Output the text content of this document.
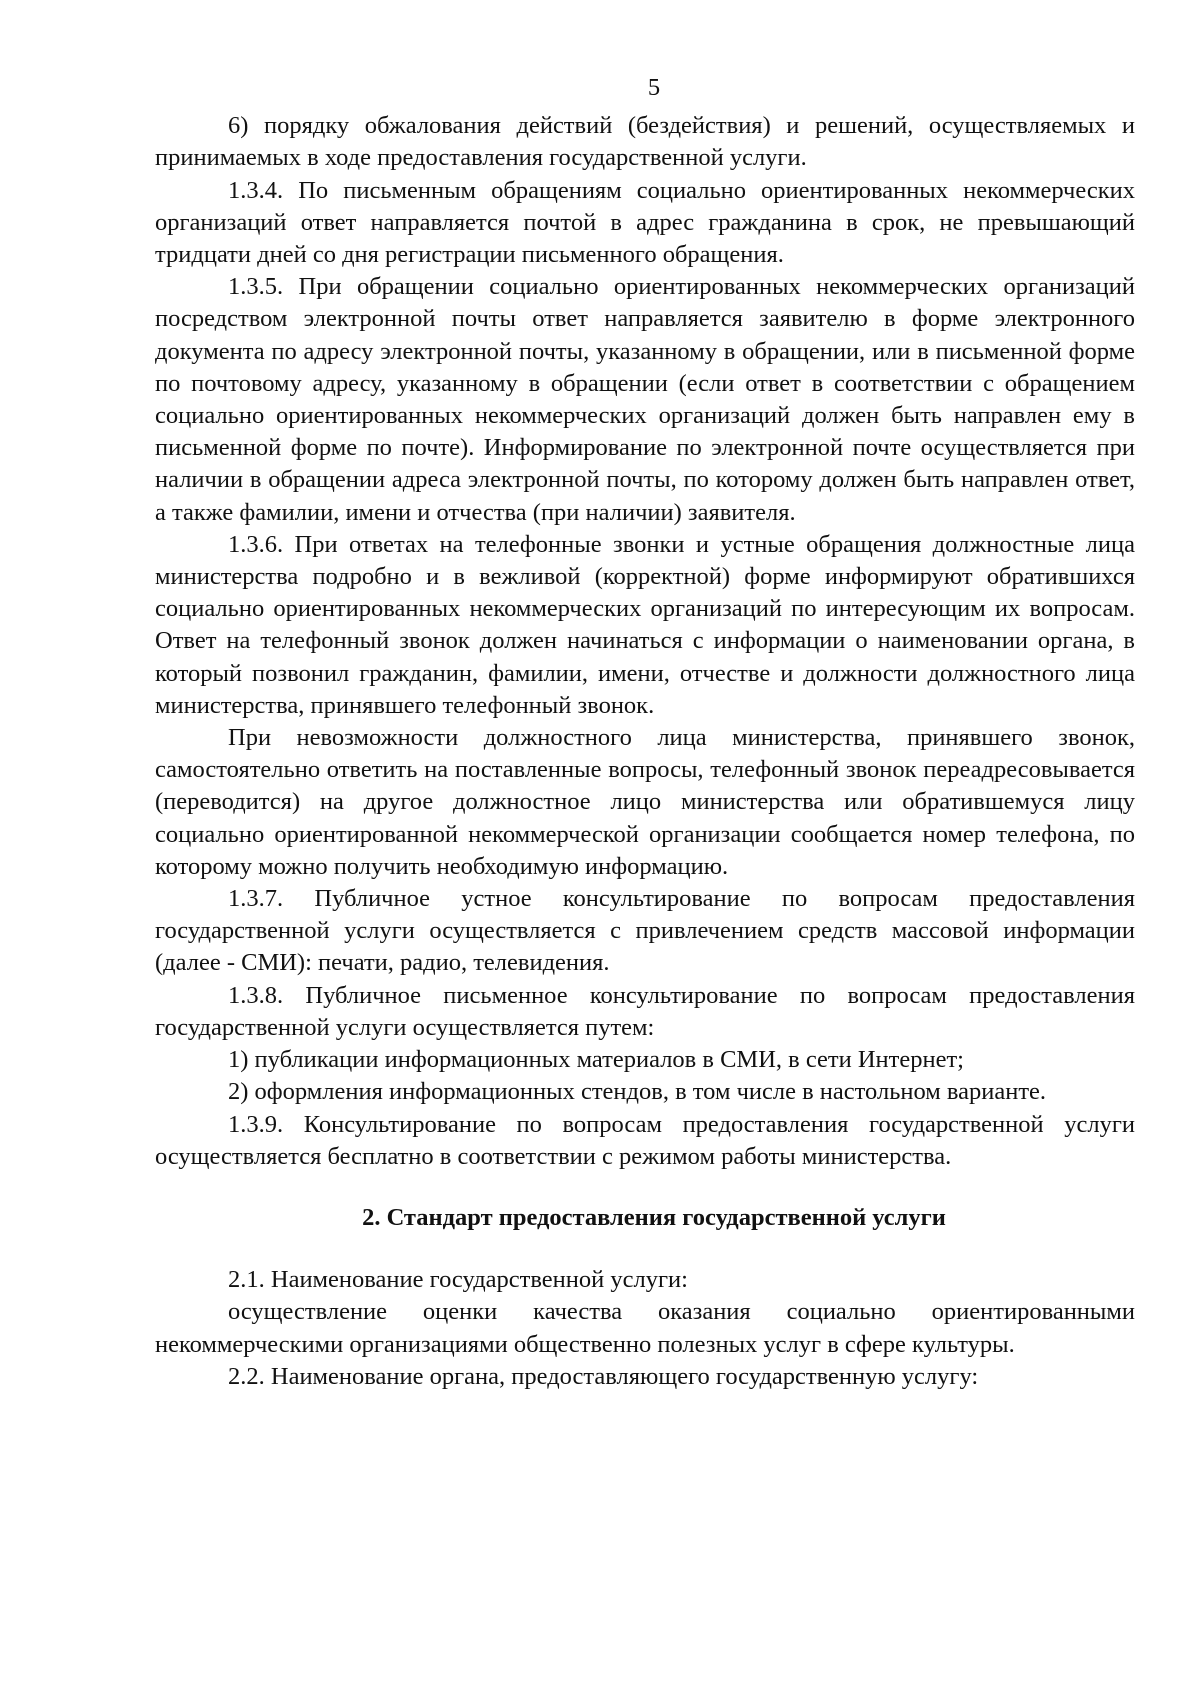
5

6) порядку обжалования действий (бездействия) и решений, осуществляемых и принимаемых в ходе предоставления государственной услуги.

1.3.4. По письменным обращениям социально ориентированных некоммерческих организаций ответ направляется почтой в адрес гражданина в срок, не превышающий тридцати дней со дня регистрации письменного обращения.

1.3.5. При обращении социально ориентированных некоммерческих организаций посредством электронной почты ответ направляется заявителю в форме электронного документа по адресу электронной почты, указанному в обращении, или в письменной форме по почтовому адресу, указанному в обращении (если ответ в соответствии с обращением социально ориентированных некоммерческих организаций должен быть направлен ему в письменной форме по почте). Информирование по электронной почте осуществляется при наличии в обращении адреса электронной почты, по которому должен быть направлен ответ, а также фамилии, имени и отчества (при наличии) заявителя.

1.3.6. При ответах на телефонные звонки и устные обращения должностные лица министерства подробно и в вежливой (корректной) форме информируют обратившихся социально ориентированных некоммерческих организаций по интересующим их вопросам. Ответ на телефонный звонок должен начинаться с информации о наименовании органа, в который позвонил гражданин, фамилии, имени, отчестве и должности должностного лица министерства, принявшего телефонный звонок.

При невозможности должностного лица министерства, принявшего звонок, самостоятельно ответить на поставленные вопросы, телефонный звонок переадресовывается (переводится) на другое должностное лицо министерства или обратившемуся лицу социально ориентированной некоммерческой организации сообщается номер телефона, по которому можно получить необходимую информацию.

1.3.7. Публичное устное консультирование по вопросам предоставления государственной услуги осуществляется с привлечением средств массовой информации (далее - СМИ): печати, радио, телевидения.

1.3.8. Публичное письменное консультирование по вопросам предоставления государственной услуги осуществляется путем:

1) публикации информационных материалов в СМИ, в сети Интернет;

2) оформления информационных стендов, в том числе в настольном варианте.

1.3.9. Консультирование по вопросам предоставления государственной услуги осуществляется бесплатно в соответствии с режимом работы министерства.

2. Стандарт предоставления государственной услуги

2.1. Наименование государственной услуги:

осуществление оценки качества оказания социально ориентированными некоммерческими организациями общественно полезных услуг в сфере культуры.

2.2. Наименование органа, предоставляющего государственную услугу:
